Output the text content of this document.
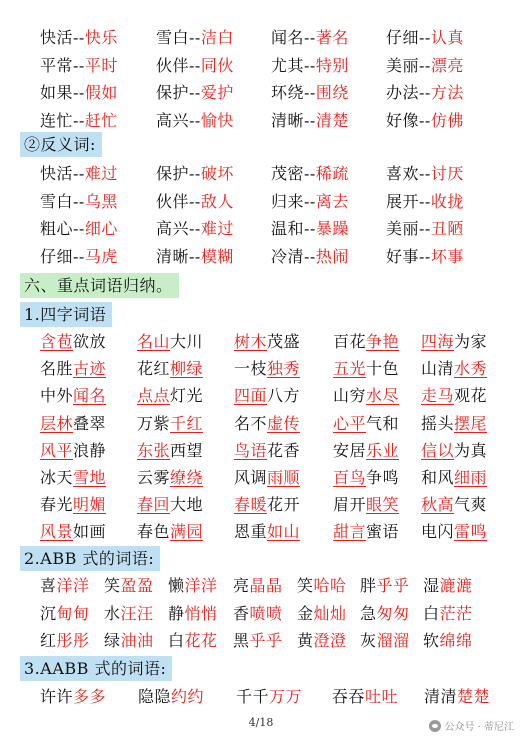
快活--快乐 雪白--洁白 闻名--著名 仔细--认真
平常--平时 伙伴--同伙 尤其--特别 美丽--漂亮
如果--假如 保护--爱护 环绕--围绕 办法--方法
连忙--赶忙 高兴--愉快 清晰--清楚 好像--仿佛
②反义词:
快活--难过 保护--破坏 茂密--稀疏 喜欢--讨厌
雪白--乌黑 伙伴--敌人 归来--离去 展开--收拢
粗心--细心 高兴--难过 温和--暴躁 美丽--丑陋
仔细--马虎 清晰--模糊 冷清--热闹 好事--坏事
六、重点词语归纳。
1.四字词语
含苞欲放 名山大川 树木茂盛 百花争艳 四海为家
名胜古迹 花红柳绿 一枝独秀 五光十色 山清水秀
中外闻名 点点灯光 四面八方 山穷水尽 走马观花
层林叠翠 万紫千红 名不虚传 心平气和 摇头摆尾
风平浪静 东张西望 鸟语花香 安居乐业 信以为真
冰天雪地 云雾缭绕 风调雨顺 百鸟争鸣 和风细雨
春光明媚 春回大地 春暖花开 眉开眼笑 秋高气爽
风景如画 春色满园 恩重如山 甜言蜜语 电闪雷鸣
2.ABB 式的词语:
喜洋洋 笑盈盈 懒洋洋 亮晶晶 笑哈哈 胖乎乎 湿漉漉
沉甸甸 水汪汪 静悄悄 香喷喷 金灿灿 急匆匆 白茫茫
红彤彤 绿油油 白花花 黑乎乎 黄澄澄 灰溜溜 软绵绵
3.AABB 式的词语:
许许多多 隐隐约约 千千万万 吞吞吐吐 清清楚楚
4/18	公众号 · 蒂尼江
